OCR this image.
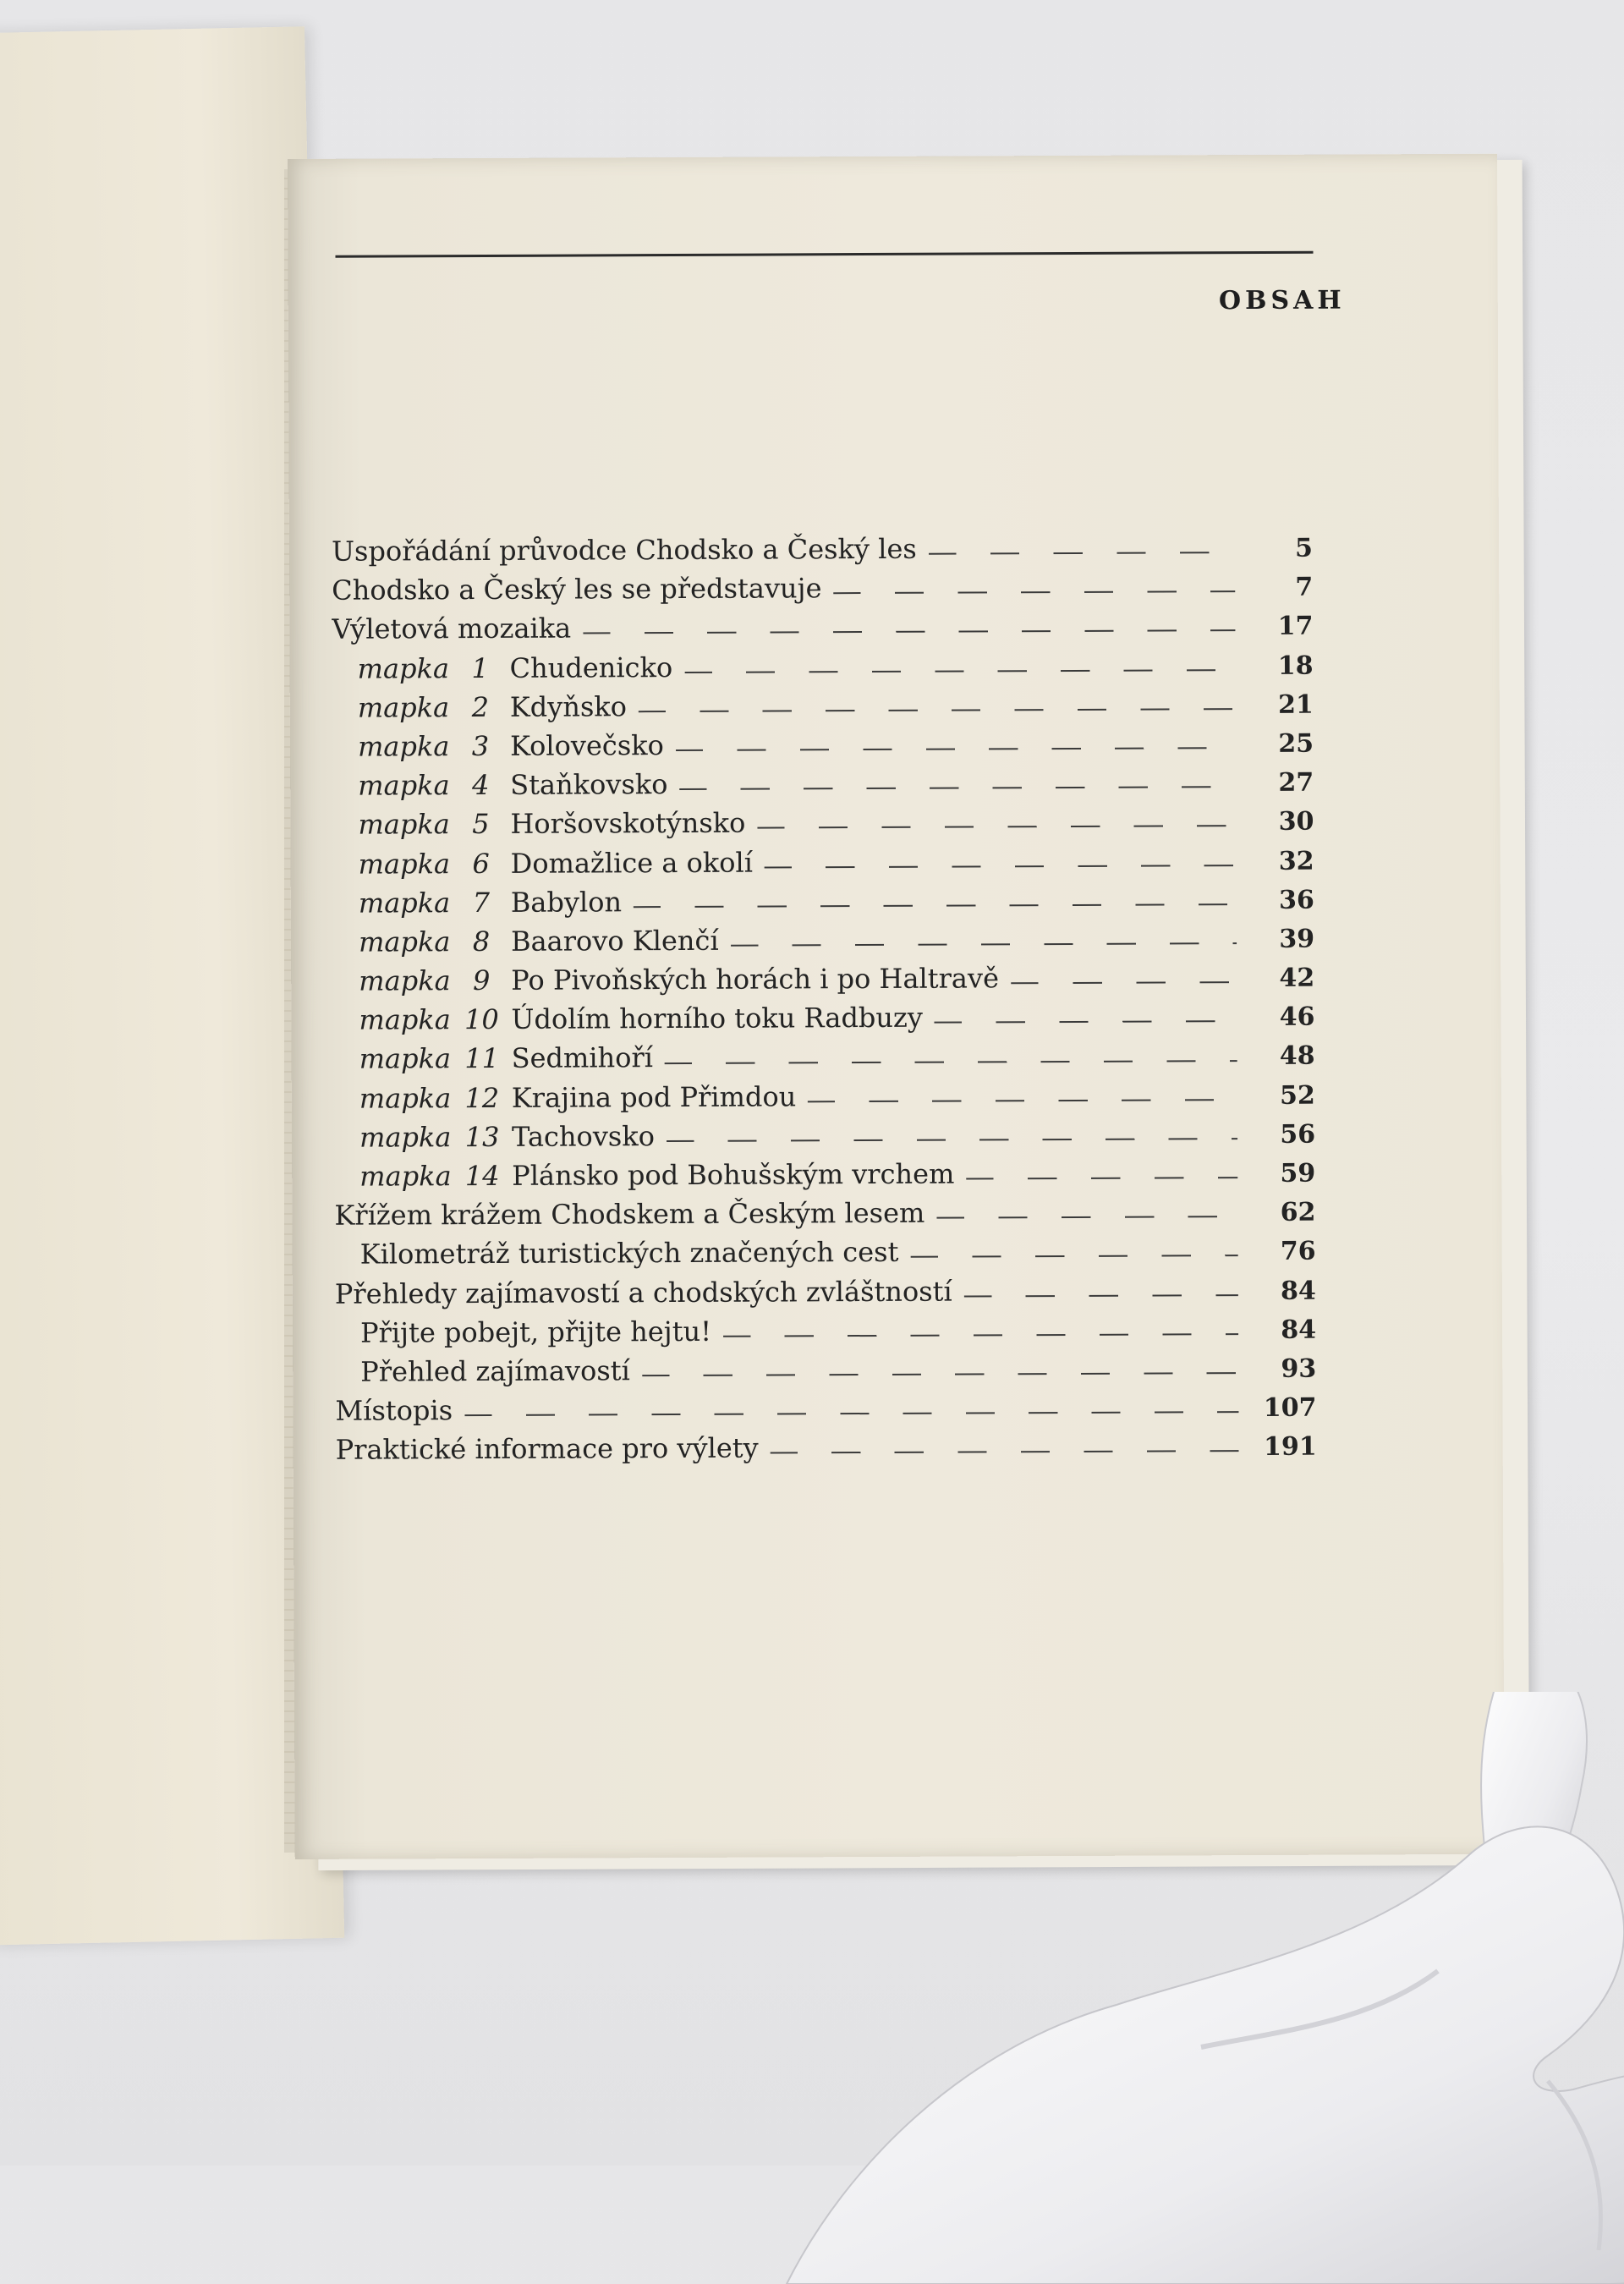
OBSAH
Uspořádání průvodce Chodsko a Český les	5
Chodsko a Český les se představuje	7
Výletová mozaika	17
mapka 1 Chudenicko	18
mapka 2 Kdyňsko	21
mapka 3 Kolovečsko	25
mapka 4 Staňkovsko	27
mapka 5 Horšovskotýnsko	30
mapka 6 Domažlice a okolí	32
mapka 7 Babylon	36
mapka 8 Baarovo Klenčí	39
mapka 9 Po Pivoňských horách i po Haltravě	42
mapka 10 Údolím horního toku Radbuzy	46
mapka 11 Sedmihoří	48
mapka 12 Krajina pod Přimdou	52
mapka 13 Tachovsko	56
mapka 14 Plánsko pod Bohušským vrchem	59
Křížem krážem Chodskem a Českým lesem	62
Kilometráž turistických značených cest	76
Přehledy zajímavostí a chodských zvláštností	84
Přijte pobejt, přijte hejtu!	84
Přehled zajímavostí	93
Místopis	107
Praktické informace pro výlety	191
